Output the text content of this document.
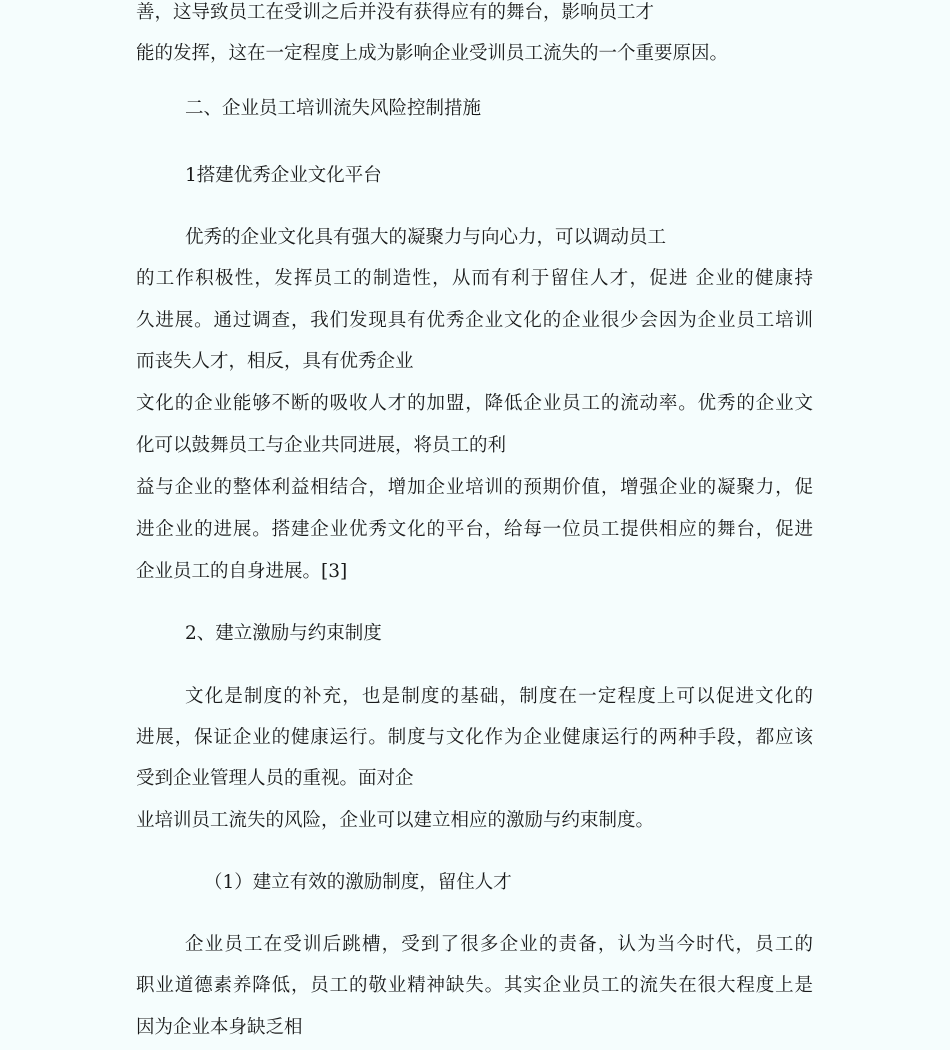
善，这导致员工在受训之后并没有获得应有的舞台，影响员工才

能的发挥，这在一定程度上成为影响企业受训员工流失的一个重要原因。

二、企业员工培训流失风险控制措施

1搭建优秀企业文化平台

优秀的企业文化具有强大的凝聚力与向心力，可以调动员工

的工作积极性，发挥员工的制造性，从而有利于留住人才，促进 企业的健康持

久进展。通过调查，我们发现具有优秀企业文化的企业很少会因为企业员工培训

而丧失人才，相反，具有优秀企业

文化的企业能够不断的吸收人才的加盟，降低企业员工的流动率。优秀的企业文

化可以鼓舞员工与企业共同进展，将员工的利

益与企业的整体利益相结合，增加企业培训的预期价值，增强企业的凝聚力，促

进企业的进展。搭建企业优秀文化的平台，给每一位员工提供相应的舞台，促进

企业员工的自身进展。[3]

2、建立激励与约束制度

文化是制度的补充，也是制度的基础，制度在一定程度上可以促进文化的

进展，保证企业的健康运行。制度与文化作为企业健康运行的两种手段，都应该

受到企业管理人员的重视。面对企

业培训员工流失的风险，企业可以建立相应的激励与约束制度。

（1）建立有效的激励制度，留住人才

企业员工在受训后跳槽，受到了很多企业的责备，认为当今时代，员工的

职业道德素养降低，员工的敬业精神缺失。其实企业员工的流失在很大程度上是

因为企业本身缺乏相
